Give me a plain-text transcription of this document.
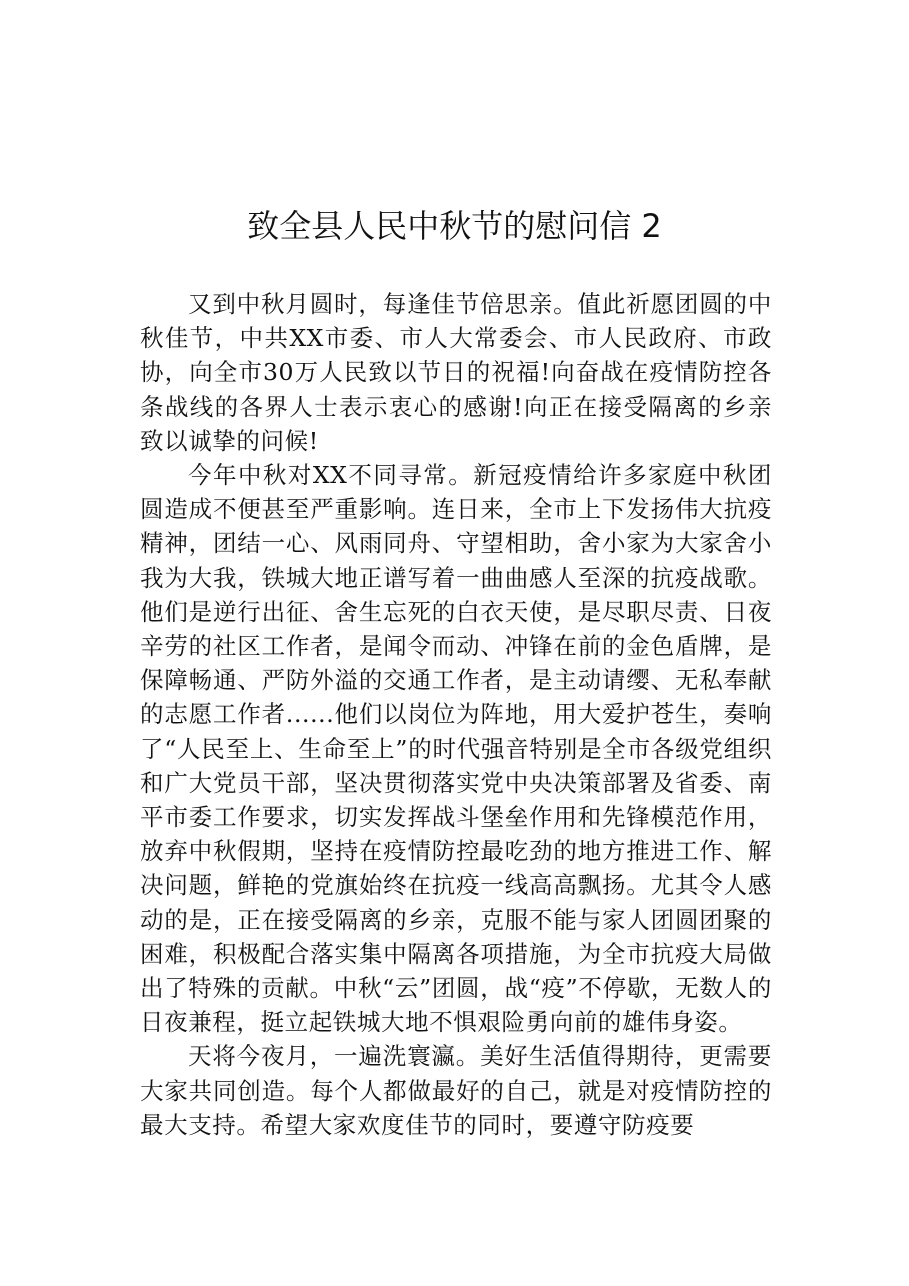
致全县人民中秋节的慰问信 2

又到中秋月圆时，每逢佳节倍思亲。值此祈愿团圆的中秋佳节，中共XX市委、市人大常委会、市人民政府、市政协，向全市30万人民致以节日的祝福!向奋战在疫情防控各条战线的各界人士表示衷心的感谢!向正在接受隔离的乡亲致以诚挚的问候!

今年中秋对XX不同寻常。新冠疫情给许多家庭中秋团圆造成不便甚至严重影响。连日来，全市上下发扬伟大抗疫精神，团结一心、风雨同舟、守望相助，舍小家为大家舍小我为大我，铁城大地正谱写着一曲曲感人至深的抗疫战歌。他们是逆行出征、舍生忘死的白衣天使，是尽职尽责、日夜辛劳的社区工作者，是闻令而动、冲锋在前的金色盾牌，是保障畅通、严防外溢的交通工作者，是主动请缨、无私奉献的志愿工作者......他们以岗位为阵地，用大爱护苍生，奏响了“人民至上、生命至上”的时代强音特别是全市各级党组织和广大党员干部，坚决贯彻落实党中央决策部署及省委、南平市委工作要求，切实发挥战斗堡垒作用和先锋模范作用，放弃中秋假期，坚持在疫情防控最吃劲的地方推进工作、解决问题，鲜艳的党旗始终在抗疫一线高高飘扬。尤其令人感动的是，正在接受隔离的乡亲，克服不能与家人团圆团聚的困难，积极配合落实集中隔离各项措施，为全市抗疫大局做出了特殊的贡献。中秋“云”团圆，战“疫”不停歇，无数人的日夜兼程，挺立起铁城大地不惧艰险勇向前的雄伟身姿。

天将今夜月，一遍洗寰瀛。美好生活值得期待，更需要大家共同创造。每个人都做最好的自己，就是对疫情防控的最大支持。希望大家欢度佳节的同时，要遵守防疫要
